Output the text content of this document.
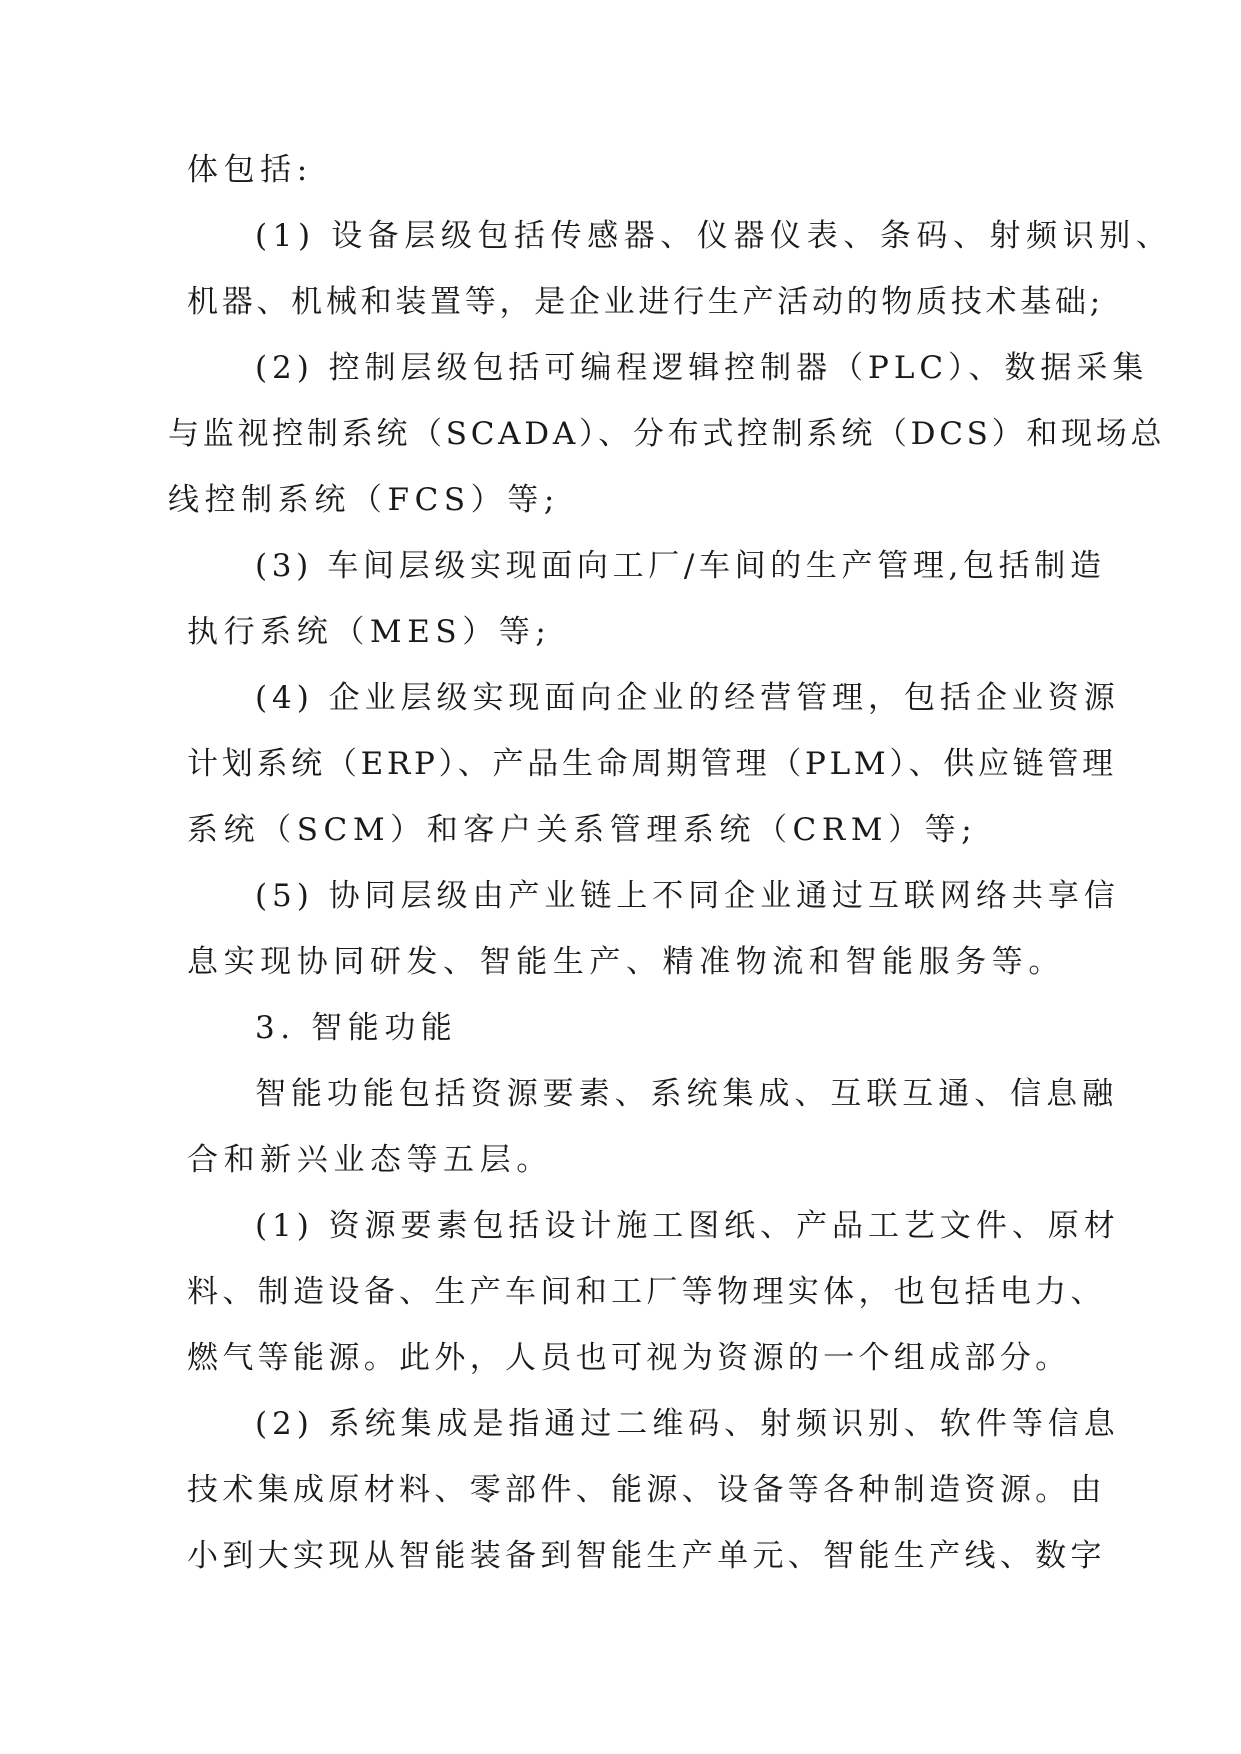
体包括:

(1) 设备层级包括传感器、仪器仪表、条码、射频识别、

机器、机械和装置等，是企业进行生产活动的物质技术基础;

(2) 控制层级包括可编程逻辑控制器（PLC）、数据采集

与监视控制系统（SCADA）、分布式控制系统（DCS）和现场总

线控制系统（FCS）等;

(3) 车间层级实现面向工厂/车间的生产管理,包括制造

执行系统（MES）等;

(4) 企业层级实现面向企业的经营管理，包括企业资源

计划系统（ERP）、产品生命周期管理（PLM）、供应链管理

系统（SCM）和客户关系管理系统（CRM）等;

(5) 协同层级由产业链上不同企业通过互联网络共享信

息实现协同研发、智能生产、精准物流和智能服务等。

3. 智能功能

智能功能包括资源要素、系统集成、互联互通、信息融

合和新兴业态等五层。

(1) 资源要素包括设计施工图纸、产品工艺文件、原材

料、制造设备、生产车间和工厂等物理实体，也包括电力、

燃气等能源。此外，人员也可视为资源的一个组成部分。

(2) 系统集成是指通过二维码、射频识别、软件等信息

技术集成原材料、零部件、能源、设备等各种制造资源。由

小到大实现从智能装备到智能生产单元、智能生产线、数字
